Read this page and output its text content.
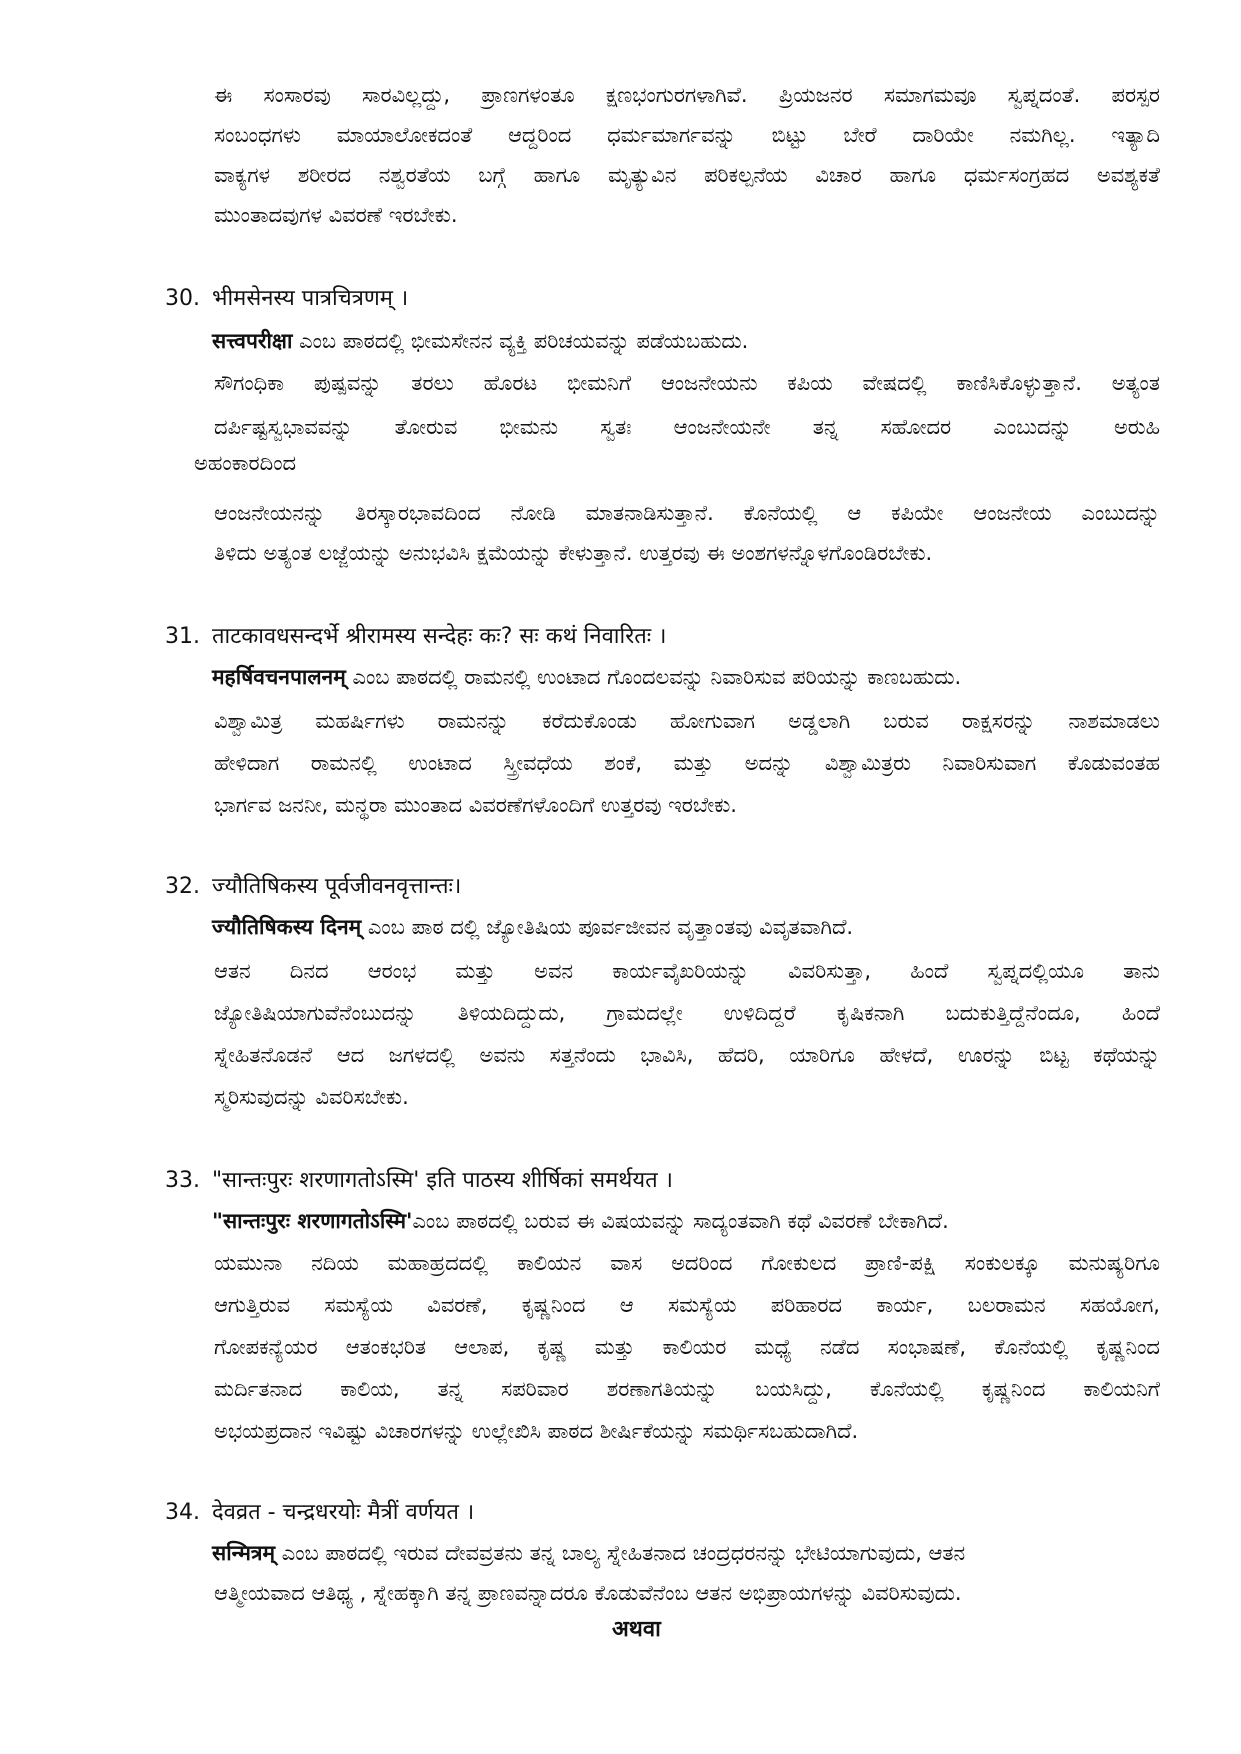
ಈ ಸಂಸಾರವು ಸಾರವಿಲ್ಲದ್ದು, ಪ್ರಾಣಗಳಂತೂ ಕ್ಷಣಭಂಗುರಗಳಾಗಿವೆ. ಪ್ರಿಯಜನರ ಸಮಾಗಮವೂ ಸ್ವಪ್ನದಂತೆ. ಪರಸ್ಪರ
ಸಂಬಂಧಗಳು ಮಾಯಾಲೋಕದಂತೆ ಆದ್ದರಿಂದ ಧರ್ಮಮಾರ್ಗವನ್ನು ಬಿಟ್ಟು ಬೇರೆ ದಾರಿಯೇ ನಮಗಿಲ್ಲ. ಇತ್ಯಾದಿ
ವಾಕ್ಯಗಳ ಶರೀರದ ನಶ್ವರತೆಯ ಬಗ್ಗೆ ಹಾಗೂ ಮೃತ್ಯುವಿನ ಪರಿಕಲ್ಪನೆಯ ವಿಚಾರ ಹಾಗೂ ಧರ್ಮಸಂಗ್ರಹದ ಅವಶ್ಯಕತೆ
ಮುಂತಾದವುಗಳ ವಿವರಣೆ ಇರಬೇಕು.
30. भीमसेनस्य पात्रचित्रणम् ।
सत्त्वपरीक्षा ಎಂಬ ಪಾಠದಲ್ಲಿ ಭೀಮಸೇನನ ವ್ಯಕ್ತಿ ಪರಿಚಯವನ್ನು ಪಡೆಯಬಹುದು.
ಸೌಗಂಧಿಕಾ ಪುಷ್ಪವನ್ನು ತರಲು ಹೊರಟ ಭೀಮನಿಗೆ ಆಂಜನೇಯನು ಕಪಿಯ ವೇಷದಲ್ಲಿ ಕಾಣಿಸಿಕೊಳ್ಳುತ್ತಾನೆ. ಅತ್ಯಂತ
ದರ್ಪಿಷ್ಟಸ್ವಭಾವವನ್ನು ತೋರುವ ಭೀಮನು ಸ್ವತಃ ಆಂಜನೇಯನೇ ತನ್ನ ಸಹೋದರ ಎಂಬುದನ್ನು ಅರುಹಿ
ಅಹಂಕಾರದಿಂದ
ಆಂಜನೇಯನನ್ನು ತಿರಸ್ಕಾರಭಾವದಿಂದ ನೋಡಿ ಮಾತನಾಡಿಸುತ್ತಾನೆ. ಕೊನೆಯಲ್ಲಿ ಆ ಕಪಿಯೇ ಆಂಜನೇಯ ಎಂಬುದನ್ನು
ತಿಳಿದು ಅತ್ಯಂತ ಲಜ್ಜೆಯನ್ನು ಅನುಭವಿಸಿ ಕ್ಷಮೆಯನ್ನು ಕೇಳುತ್ತಾನೆ. ಉತ್ತರವು ಈ ಅಂಶಗಳನ್ನೊಳಗೊಂಡಿರಬೇಕು.
31. ताटकावधसन्दर्भे श्रीरामस्य सन्देहः कः? सः कथं निवारितः ।
महर्षिवचनपालनम् ಎಂಬ ಪಾಠದಲ್ಲಿ ರಾಮನಲ್ಲಿ ಉಂಟಾದ ಗೊಂದಲವನ್ನು ನಿವಾರಿಸುವ ಪರಿಯನ್ನು ಕಾಣಬಹುದು.
ವಿಶ್ವಾಮಿತ್ರ ಮಹರ್ಷಿಗಳು ರಾಮನನ್ನು ಕರೆದುಕೊಂಡು ಹೋಗುವಾಗ ಅಡ್ಡಲಾಗಿ ಬರುವ ರಾಕ್ಷಸರನ್ನು ನಾಶಮಾಡಲು
ಹೇಳಿದಾಗ ರಾಮನಲ್ಲಿ ಉಂಟಾದ ಸ್ತ್ರೀವಧೆಯ ಶಂಕೆ, ಮತ್ತು ಅದನ್ನು ವಿಶ್ವಾಮಿತ್ರರು ನಿವಾರಿಸುವಾಗ ಕೊಡುವಂತಹ
ಭಾರ್ಗವ ಜನನೀ, ಮನ್ಥರಾ ಮುಂತಾದ ವಿವರಣೆಗಳೊಂದಿಗೆ ಉತ್ತರವು ಇರಬೇಕು.
32. ज्यौतिषिकस्य पूर्वजीवनवृत्तान्तः।
ज्यौतिषिकस्य दिनम् ಎಂಬ ಪಾಠ ದಲ್ಲಿ ಜ್ಯೋತಿಷಿಯ ಪೂರ್ವಜೀವನ ವೃತ್ತಾಂತವು ವಿವೃತವಾಗಿದೆ.
ಆತನ ದಿನದ ಆರಂಭ ಮತ್ತು ಅವನ ಕಾರ್ಯವೈಖರಿಯನ್ನು ವಿವರಿಸುತ್ತಾ, ಹಿಂದೆ ಸ್ವಪ್ನದಲ್ಲಿಯೂ ತಾನು
ಜ್ಯೋತಿಷಿಯಾಗುವೆನೆಂಬುದನ್ನು ತಿಳಿಯದಿದ್ದುದು, ಗ್ರಾಮದಲ್ಲೇ ಉಳಿದಿದ್ದರೆ ಕೃಷಿಕನಾಗಿ ಬದುಕುತ್ತಿದ್ದೆನೆಂದೂ, ಹಿಂದೆ
ಸ್ನೇಹಿತನೊಡನೆ ಆದ ಜಗಳದಲ್ಲಿ ಅವನು ಸತ್ತನೆಂದು ಭಾವಿಸಿ, ಹೆದರಿ, ಯಾರಿಗೂ ಹೇಳದೆ, ಊರನ್ನು ಬಿಟ್ಟ ಕಥೆಯನ್ನು
ಸ್ಮರಿಸುವುದನ್ನು ವಿವರಿಸಬೇಕು.
33. "सान्तःपुरः शरणागतोऽस्मि' इति पाठस्य शीर्षिकां समर्थयत ।
"सान्तःपुरः शरणागतोऽस्मि'ಎಂಬ ಪಾಠದಲ್ಲಿ ಬರುವ ಈ ವಿಷಯವನ್ನು ಸಾದ್ಯಂತವಾಗಿ ಕಥೆ ವಿವರಣೆ ಬೇಕಾಗಿದೆ.
ಯಮುನಾ ನದಿಯ ಮಹಾಹ್ರದದಲ್ಲಿ ಕಾಲಿಯನ ವಾಸ ಅದರಿಂದ ಗೋಕುಲದ ಪ್ರಾಣಿ-ಪಕ್ಷಿ ಸಂಕುಲಕ್ಕೂ ಮನುಷ್ಯರಿಗೂ
ಆಗುತ್ತಿರುವ ಸಮಸ್ಯೆಯ ವಿವರಣೆ, ಕೃಷ್ಣನಿಂದ ಆ ಸಮಸ್ಯೆಯ ಪರಿಹಾರದ ಕಾರ್ಯ, ಬಲರಾಮನ ಸಹಯೋಗ,
ಗೋಪಕನ್ಯೆಯರ ಆತಂಕಭರಿತ ಆಲಾಪ, ಕೃಷ್ಣ ಮತ್ತು ಕಾಲಿಯರ ಮಧ್ಯೆ ನಡೆದ ಸಂಭಾಷಣೆ, ಕೊನೆಯಲ್ಲಿ ಕೃಷ್ಣನಿಂದ
ಮರ್ದಿತನಾದ ಕಾಲಿಯ, ತನ್ನ ಸಪರಿವಾರ ಶರಣಾಗತಿಯನ್ನು ಬಯಸಿದ್ದು, ಕೊನೆಯಲ್ಲಿ ಕೃಷ್ಣನಿಂದ ಕಾಲಿಯನಿಗೆ
ಅಭಯಪ್ರದಾನ ಇವಿಷ್ಟು ವಿಚಾರಗಳನ್ನು ಉಲ್ಲೇಖಿಸಿ ಪಾಠದ ಶೀರ್ಷಿಕೆಯನ್ನು ಸಮರ್ಥಿಸಬಹುದಾಗಿದೆ.
34. देवव्रत - चन्द्रधरयोः मैत्रीं वर्णयत ।
सन्मित्रम् ಎಂಬ ಪಾಠದಲ್ಲಿ ಇರುವ ದೇವವ್ರತನು ತನ್ನ ಬಾಲ್ಯ ಸ್ನೇಹಿತನಾದ ಚಂದ್ರಧರನನ್ನು ಭೇಟಿಯಾಗುವುದು, ಆತನ
ಆತ್ಮೀಯವಾದ ಆತಿಥ್ಯ , ಸ್ನೇಹಕ್ಕಾಗಿ ತನ್ನ ಪ್ರಾಣವನ್ನಾದರೂ ಕೊಡುವೆನೆಂಬ ಆತನ ಅಭಿಪ್ರಾಯಗಳನ್ನು ವಿವರಿಸುವುದು.
अथवा
